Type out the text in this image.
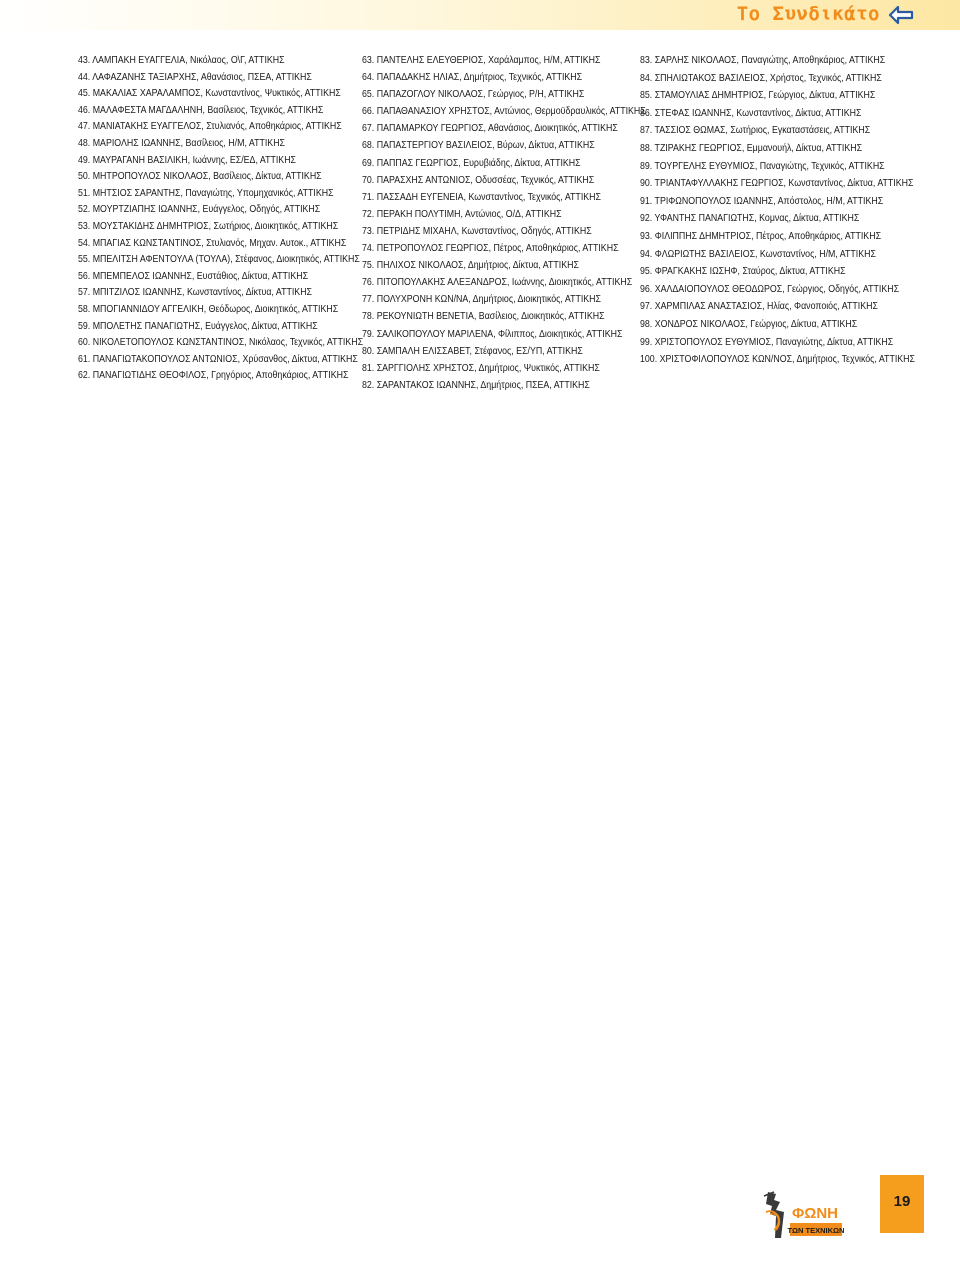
Το Συνδικάτο
43. ΛΑΜΠΑΚΗ ΕΥΑΓΓΕΛΙΑ, Νικόλαος, Ο\Γ, ΑΤΤΙΚΗΣ
44. ΛΑΦΑΖΑΝΗΣ ΤΑΞΙΑΡΧΗΣ, Αθανάσιος, ΠΣΕΑ, ΑΤΤΙΚΗΣ
45. ΜΑΚΑΛΙΑΣ ΧΑΡΑΛΑΜΠΟΣ, Κωνσταντίνος, Ψυκτικός, ΑΤΤΙΚΗΣ
46. ΜΑΛΑΦΕΣΤΑ ΜΑΓΔΑΛΗΝΗ, Βασίλειος, Τεχνικός, ΑΤΤΙΚΗΣ
47. ΜΑΝΙΑΤΑΚΗΣ ΕΥΑΓΓΕΛΟΣ, Στυλιανός, Αποθηκάριος, ΑΤΤΙΚΗΣ
48. ΜΑΡΙΟΛΗΣ ΙΩΑΝΝΗΣ, Βασίλειος, Η/Μ, ΑΤΤΙΚΗΣ
49. ΜΑΥΡΑΓΑΝΗ ΒΑΣΙΛΙΚΗ, Ιωάννης, ΕΣ/ΕΔ, ΑΤΤΙΚΗΣ
50. ΜΗΤΡΟΠΟΥΛΟΣ ΝΙΚΟΛΑΟΣ, Βασίλειος, Δίκτυα, ΑΤΤΙΚΗΣ
51. ΜΗΤΣΙΟΣ ΣΑΡΑΝΤΗΣ, Παναγιώτης, Υπομηχανικός, ΑΤΤΙΚΗΣ
52. ΜΟΥΡΤΖΙΑΠΗΣ ΙΩΑΝΝΗΣ, Ευάγγελος, Οδηγός, ΑΤΤΙΚΗΣ
53. ΜΟΥΣΤΑΚΙΔΗΣ ΔΗΜΗΤΡΙΟΣ, Σωτήριος, Διοικητικός, ΑΤΤΙΚΗΣ
54. ΜΠΑΓΙΑΣ ΚΩΝΣΤΑΝΤΙΝΟΣ, Στυλιανός, Μηχαν. Αυτοκ., ΑΤΤΙΚΗΣ
55. ΜΠΕΛΙΤΣΗ ΑΦΕΝΤΟΥΛΑ (ΤΟΥΛΑ), Στέφανος, Διοικητικός, ΑΤΤΙΚΗΣ
56. ΜΠΕΜΠΕΛΟΣ ΙΩΑΝΝΗΣ, Ευστάθιος, Δίκτυα, ΑΤΤΙΚΗΣ
57. ΜΠΙΤΖΙΛΟΣ ΙΩΑΝΝΗΣ, Κωνσταντίνος, Δίκτυα, ΑΤΤΙΚΗΣ
58. ΜΠΟΓΙΑΝΝΙΔΟΥ ΑΓΓΕΛΙΚΗ, Θεόδωρος, Διοικητικός, ΑΤΤΙΚΗΣ
59. ΜΠΟΛΕΤΗΣ ΠΑΝΑΓΙΩΤΗΣ, Ευάγγελος, Δίκτυα, ΑΤΤΙΚΗΣ
60. ΝΙΚΟΛΕΤΟΠΟΥΛΟΣ ΚΩΝΣΤΑΝΤΙΝΟΣ, Νικόλαος, Τεχνικός, ΑΤΤΙΚΗΣ
61. ΠΑΝΑΓΙΩΤΑΚΟΠΟΥΛΟΣ ΑΝΤΩΝΙΟΣ, Χρύσανθος, Δίκτυα, ΑΤΤΙΚΗΣ
62. ΠΑΝΑΓΙΩΤΙΔΗΣ ΘΕΟΦΙΛΟΣ, Γρηγόριος, Αποθηκάριος, ΑΤΤΙΚΗΣ
63. ΠΑΝΤΕΛΗΣ ΕΛΕΥΘΕΡΙΟΣ, Χαράλαμπος, Η/Μ, ΑΤΤΙΚΗΣ
64. ΠΑΠΑΔΑΚΗΣ ΗΛΙΑΣ, Δημήτριος, Τεχνικός, ΑΤΤΙΚΗΣ
65. ΠΑΠΑΖΟΓΛΟΥ ΝΙΚΟΛΑΟΣ, Γεώργιος, Ρ/Η, ΑΤΤΙΚΗΣ
66. ΠΑΠΑΘΑΝΑΣΙΟΥ ΧΡΗΣΤΟΣ, Αντώνιος, Θερμοϋδραυλικός, ΑΤΤΙΚΗΣ
67. ΠΑΠΑΜΑΡΚΟΥ ΓΕΩΡΓΙΟΣ, Αθανάσιος, Διοικητικός, ΑΤΤΙΚΗΣ
68. ΠΑΠΑΣΤΕΡΓΙΟΥ ΒΑΣΙΛΕΙΟΣ, Βύρων, Δίκτυα, ΑΤΤΙΚΗΣ
69. ΠΑΠΠΑΣ ΓΕΩΡΓΙΟΣ, Ευρυβιάδης, Δίκτυα, ΑΤΤΙΚΗΣ
70. ΠΑΡΑΣΧΗΣ ΑΝΤΩΝΙΟΣ, Οδυσσέας, Τεχνικός, ΑΤΤΙΚΗΣ
71. ΠΑΣΣΑΔΗ ΕΥΓΕΝΕΙΑ, Κωνσταντίνος, Τεχνικός, ΑΤΤΙΚΗΣ
72. ΠΕΡΑΚΗ ΠΟΛΥΤΙΜΗ, Αντώνιος, Ο/Δ, ΑΤΤΙΚΗΣ
73. ΠΕΤΡΙΔΗΣ ΜΙΧΑΗΛ, Κωνσταντίνος, Οδηγός, ΑΤΤΙΚΗΣ
74. ΠΕΤΡΟΠΟΥΛΟΣ ΓΕΩΡΓΙΟΣ, Πέτρος, Αποθηκάριος, ΑΤΤΙΚΗΣ
75. ΠΗΛΙΧΟΣ ΝΙΚΟΛΑΟΣ, Δημήτριος, Δίκτυα, ΑΤΤΙΚΗΣ
76. ΠΙΤΟΠΟΥΛΑΚΗΣ ΑΛΕΞΑΝΔΡΟΣ, Ιωάννης, Διοικητικός, ΑΤΤΙΚΗΣ
77. ΠΟΛΥΧΡΟΝΗ ΚΩΝ/ΝΑ, Δημήτριος, Διοικητικός, ΑΤΤΙΚΗΣ
78. ΡΕΚΟΥΝΙΩΤΗ ΒΕΝΕΤΙΑ, Βασίλειος, Διοικητικός, ΑΤΤΙΚΗΣ
79. ΣΑΛΙΚΟΠΟΥΛΟΥ ΜΑΡΙΛΕΝΑ, Φίλιππος, Διοικητικός, ΑΤΤΙΚΗΣ
80. ΣΑΜΠΑΛΗ ΕΛΙΣΣΑΒΕΤ, Στέφανος, ΕΣ/ΥΠ, ΑΤΤΙΚΗΣ
81. ΣΑΡΓΓΙΟΛΗΣ ΧΡΗΣΤΟΣ, Δημήτριος, Ψυκτικός, ΑΤΤΙΚΗΣ
82. ΣΑΡΑΝΤΑΚΟΣ ΙΩΑΝΝΗΣ, Δημήτριος, ΠΣΕΑ, ΑΤΤΙΚΗΣ
83. ΣΑΡΛΗΣ ΝΙΚΟΛΑΟΣ, Παναγιώτης, Αποθηκάριος, ΑΤΤΙΚΗΣ
84. ΣΠΗΛΙΩΤΑΚΟΣ ΒΑΣΙΛΕΙΟΣ, Χρήστος, Τεχνικός, ΑΤΤΙΚΗΣ
85. ΣΤΑΜΟΥΛΙΑΣ ΔΗΜΗΤΡΙΟΣ, Γεώργιος, Δίκτυα, ΑΤΤΙΚΗΣ
86. ΣΤΕΦΑΣ ΙΩΑΝΝΗΣ, Κωνσταντίνος, Δίκτυα, ΑΤΤΙΚΗΣ
87. ΤΑΣΣΙΟΣ ΘΩΜΑΣ, Σωτήριος, Εγκαταστάσεις, ΑΤΤΙΚΗΣ
88. ΤΖΙΡΑΚΗΣ ΓΕΩΡΓΙΟΣ, Εμμανουήλ, Δίκτυα, ΑΤΤΙΚΗΣ
89. ΤΟΥΡΓΕΛΗΣ ΕΥΘΥΜΙΟΣ, Παναγιώτης, Τεχνικός, ΑΤΤΙΚΗΣ
90. ΤΡΙΑΝΤΑΦΥΛΛΑΚΗΣ ΓΕΩΡΓΙΟΣ, Κωνσταντίνος, Δίκτυα, ΑΤΤΙΚΗΣ
91. ΤΡΙΦΩΝΟΠΟΥΛΟΣ ΙΩΑΝΝΗΣ, Απόστολος, Η/Μ, ΑΤΤΙΚΗΣ
92. ΥΦΑΝΤΗΣ ΠΑΝΑΓΙΩΤΗΣ, Κομνας, Δίκτυα, ΑΤΤΙΚΗΣ
93. ΦΙΛΙΠΠΗΣ ΔΗΜΗΤΡΙΟΣ, Πέτρος, Αποθηκάριος, ΑΤΤΙΚΗΣ
94. ΦΛΩΡΙΩΤΗΣ ΒΑΣΙΛΕΙΟΣ, Κωνσταντίνος, Η/Μ, ΑΤΤΙΚΗΣ
95. ΦΡΑΓΚΑΚΗΣ ΙΩΣΗΦ, Σταύρος, Δίκτυα, ΑΤΤΙΚΗΣ
96. ΧΑΛΔΑΙΟΠΟΥΛΟΣ ΘΕΟΔΩΡΟΣ, Γεώργιος, Οδηγός, ΑΤΤΙΚΗΣ
97. ΧΑΡΜΠΙΛΑΣ ΑΝΑΣΤΑΣΙΟΣ, Ηλίας, Φανοποιός, ΑΤΤΙΚΗΣ
98. ΧΟΝΔΡΟΣ ΝΙΚΟΛΑΟΣ, Γεώργιος, Δίκτυα, ΑΤΤΙΚΗΣ
99. ΧΡΙΣΤΟΠΟΥΛΟΣ ΕΥΘΥΜΙΟΣ, Παναγιώτης, Δίκτυα, ΑΤΤΙΚΗΣ
100. ΧΡΙΣΤΟΦΙΛΟΠΟΥΛΟΣ ΚΩΝ/ΝΟΣ, Δημήτριος, Τεχνικός, ΑΤΤΙΚΗΣ
ΦΩΝΗ
ΤΩΝ ΤΕΧΝΙΚΩΝ
19
